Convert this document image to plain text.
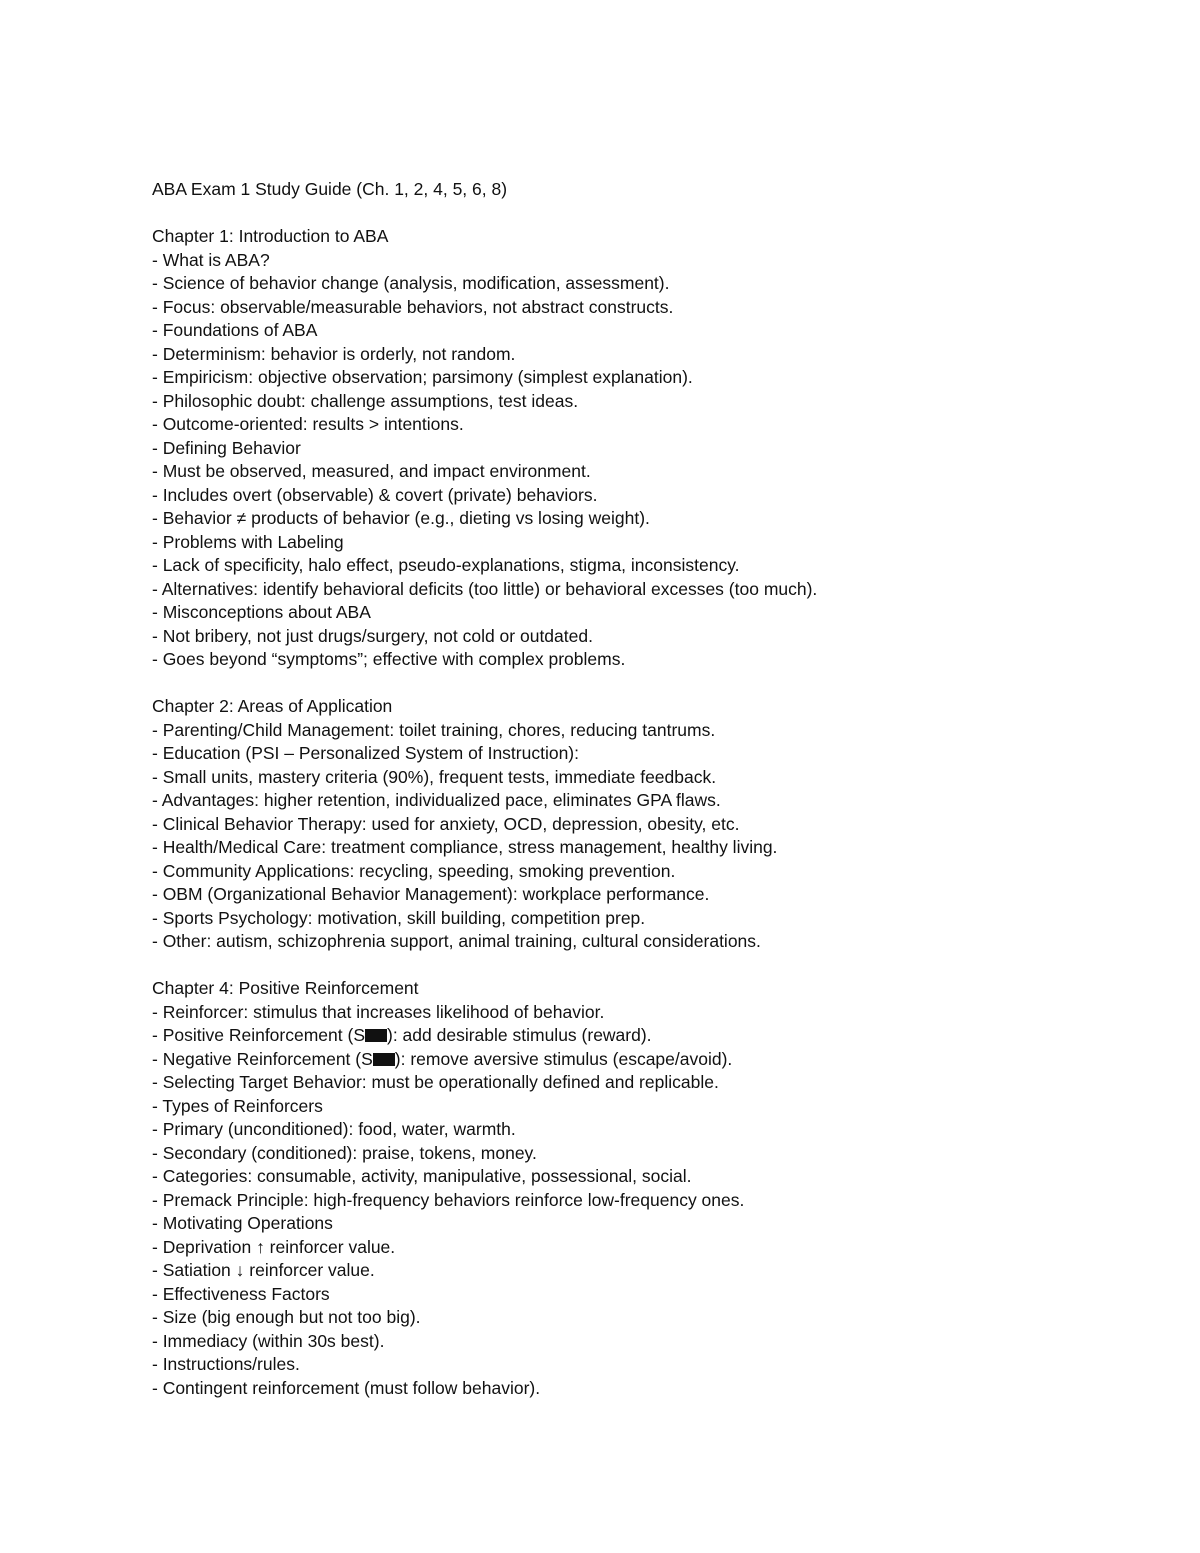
ABA Exam 1 Study Guide (Ch. 1, 2, 4, 5, 6, 8)
Chapter 1: Introduction to ABA
- What is ABA?
- Science of behavior change (analysis, modification, assessment).
- Focus: observable/measurable behaviors, not abstract constructs.
- Foundations of ABA
- Determinism: behavior is orderly, not random.
- Empiricism: objective observation; parsimony (simplest explanation).
- Philosophic doubt: challenge assumptions, test ideas.
- Outcome-oriented: results > intentions.
- Defining Behavior
- Must be observed, measured, and impact environment.
- Includes overt (observable) & covert (private) behaviors.
- Behavior ≠ products of behavior (e.g., dieting vs losing weight).
- Problems with Labeling
- Lack of specificity, halo effect, pseudo-explanations, stigma, inconsistency.
- Alternatives: identify behavioral deficits (too little) or behavioral excesses (too much).
- Misconceptions about ABA
- Not bribery, not just drugs/surgery, not cold or outdated.
- Goes beyond “symptoms”; effective with complex problems.
Chapter 2: Areas of Application
- Parenting/Child Management: toilet training, chores, reducing tantrums.
- Education (PSI – Personalized System of Instruction):
- Small units, mastery criteria (90%), frequent tests, immediate feedback.
- Advantages: higher retention, individualized pace, eliminates GPA flaws.
- Clinical Behavior Therapy: used for anxiety, OCD, depression, obesity, etc.
- Health/Medical Care: treatment compliance, stress management, healthy living.
- Community Applications: recycling, speeding, smoking prevention.
- OBM (Organizational Behavior Management): workplace performance.
- Sports Psychology: motivation, skill building, competition prep.
- Other: autism, schizophrenia support, animal training, cultural considerations.
Chapter 4: Positive Reinforcement
- Reinforcer: stimulus that increases likelihood of behavior.
- Positive Reinforcement (S ): add desirable stimulus (reward).
- Negative Reinforcement (S ): remove aversive stimulus (escape/avoid).
- Selecting Target Behavior: must be operationally defined and replicable.
- Types of Reinforcers
- Primary (unconditioned): food, water, warmth.
- Secondary (conditioned): praise, tokens, money.
- Categories: consumable, activity, manipulative, possessional, social.
- Premack Principle: high-frequency behaviors reinforce low-frequency ones.
- Motivating Operations
- Deprivation ↑ reinforcer value.
- Satiation ↓ reinforcer value.
- Effectiveness Factors
- Size (big enough but not too big).
- Immediacy (within 30s best).
- Instructions/rules.
- Contingent reinforcement (must follow behavior).
